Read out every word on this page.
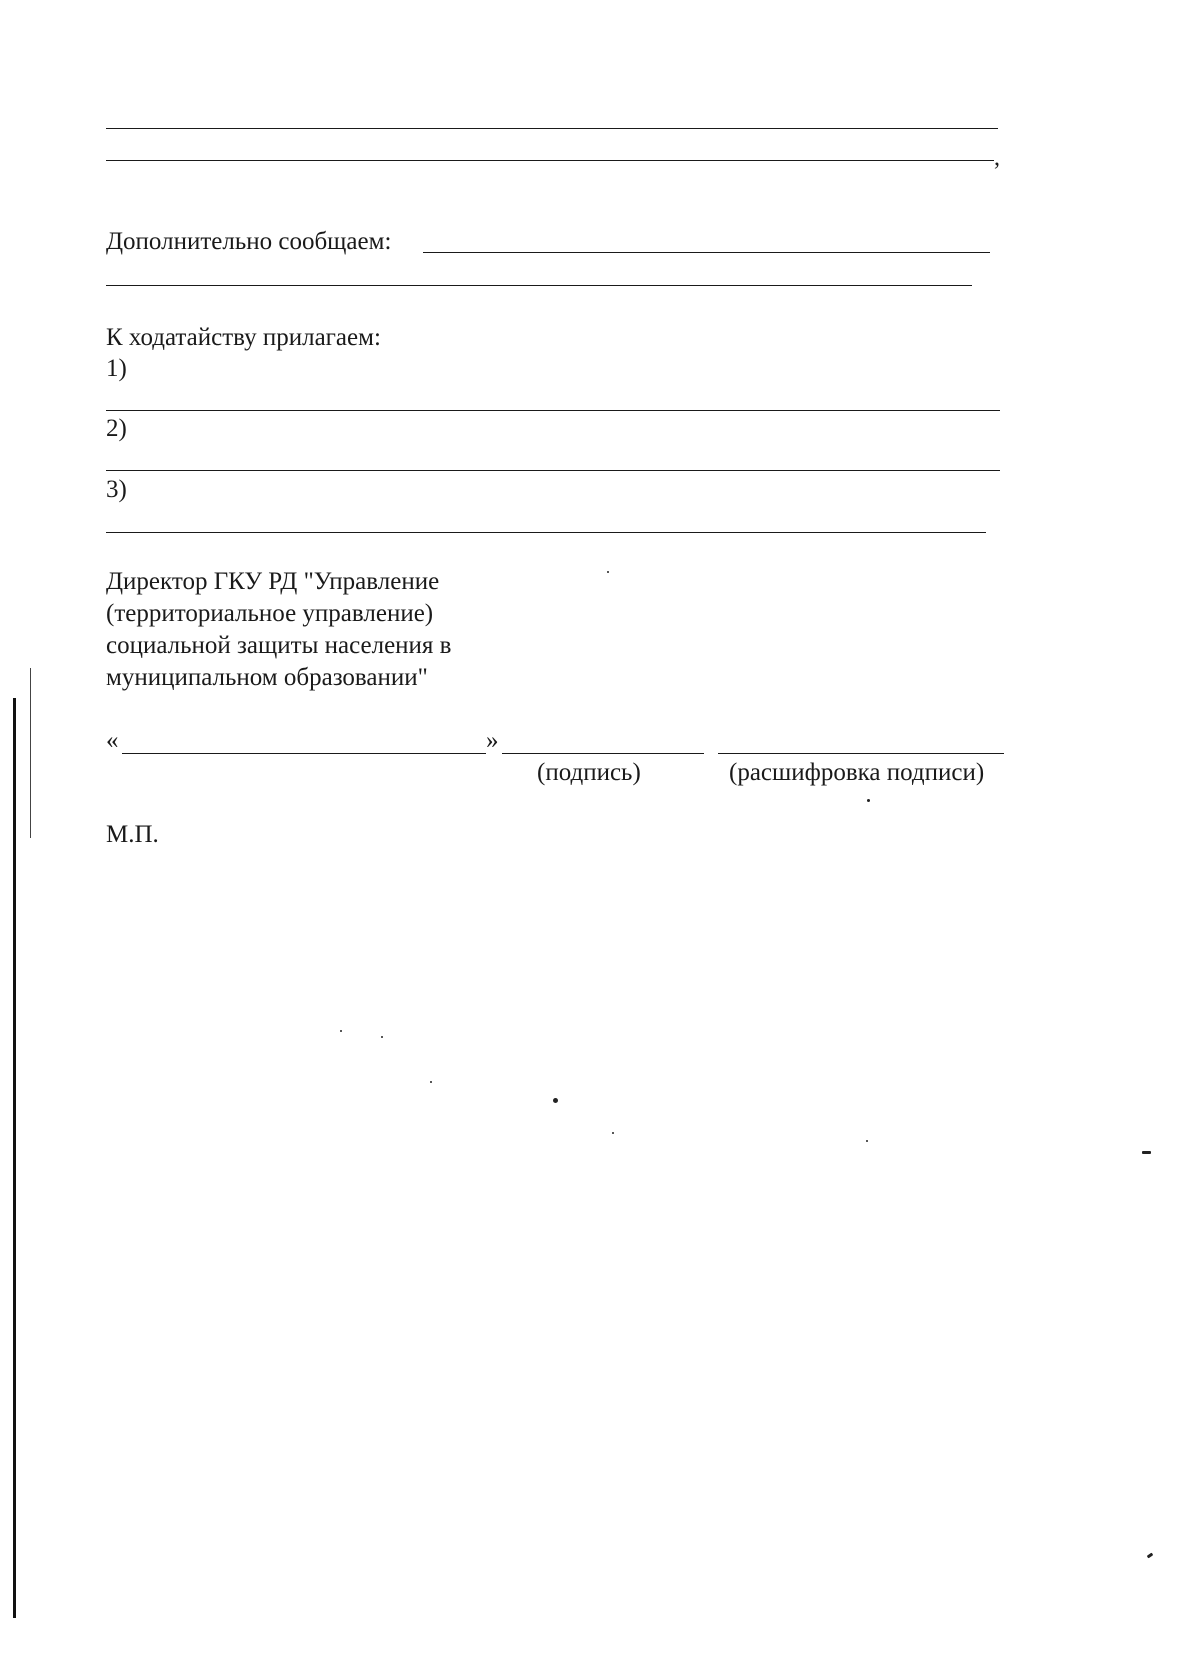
,
Дополнительно сообщаем:
К ходатайству прилагаем:
1)
2)
3)
Директор ГКУ РД "Управление
(территориальное управление)
социальной защиты населения в
муниципальном образовании"
«	»
(подпись)	(расшифровка подписи)
М.П.
